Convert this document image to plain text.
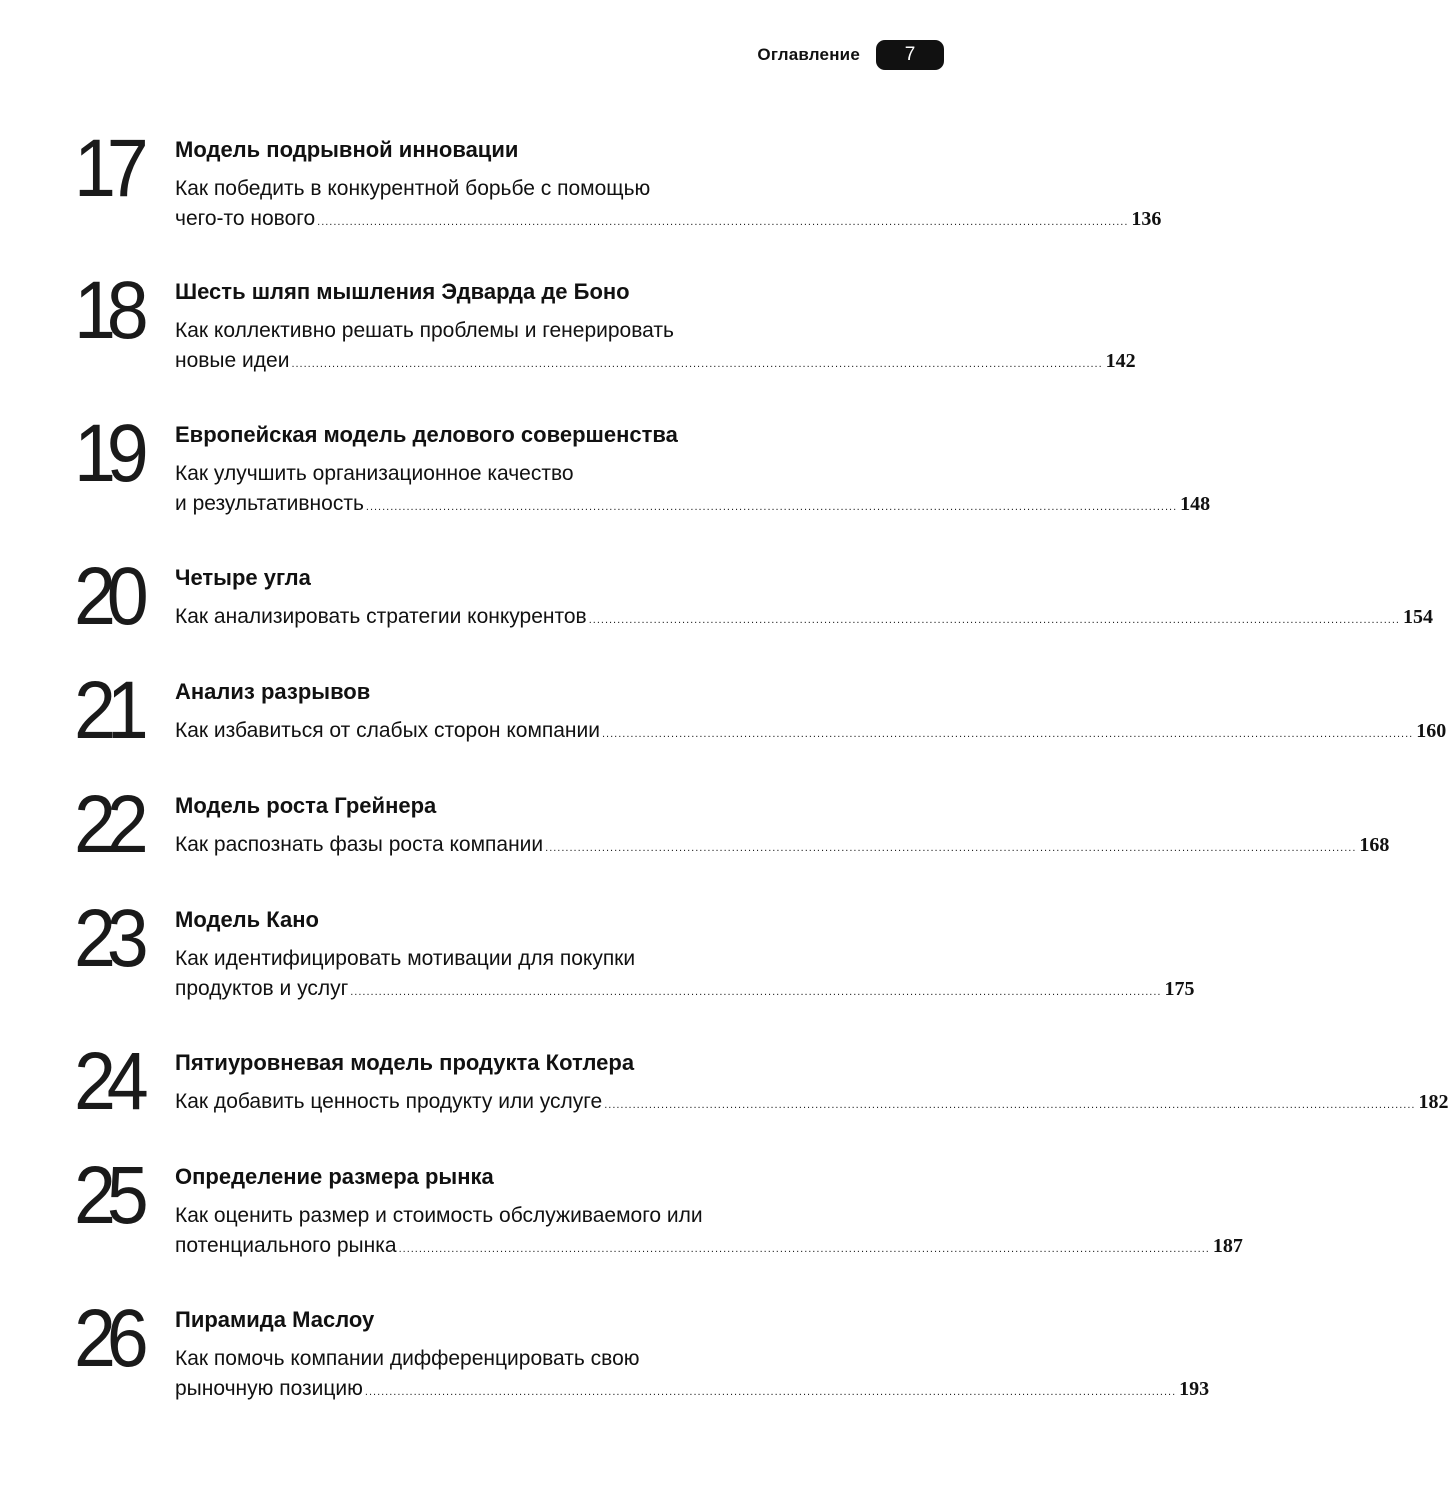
Оглавление	7
17 Модель подрывной инновации
Как победить в конкурентной борьбе с помощью
чего-то нового ........................................................................................................................................................................................................ 136
18 Шесть шляп мышления Эдварда де Боно
Как коллективно решать проблемы и генерировать
новые идеи ........................................................................................................................................................................................................ 142
19 Европейская модель делового совершенства
Как улучшить организационное качество
и результативность ........................................................................................................................................................................................................ 148
20 Четыре угла
Как анализировать стратегии конкурентов ........................................................................................................................................................................................................ 154
21 Анализ разрывов
Как избавиться от слабых сторон компании ........................................................................................................................................................................................................ 160
22 Модель роста Грейнера
Как распознать фазы роста компании ........................................................................................................................................................................................................ 168
23 Модель Кано
Как идентифицировать мотивации для покупки
продуктов и услуг ........................................................................................................................................................................................................ 175
24 Пятиуровневая модель продукта Котлера
Как добавить ценность продукту или услуге ........................................................................................................................................................................................................ 182
25 Определение размера рынка
Как оценить размер и стоимость обслуживаемого или
потенциального рынка ........................................................................................................................................................................................................ 187
26 Пирамида Маслоу
Как помочь компании дифференцировать свою
рыночную позицию ........................................................................................................................................................................................................ 193
